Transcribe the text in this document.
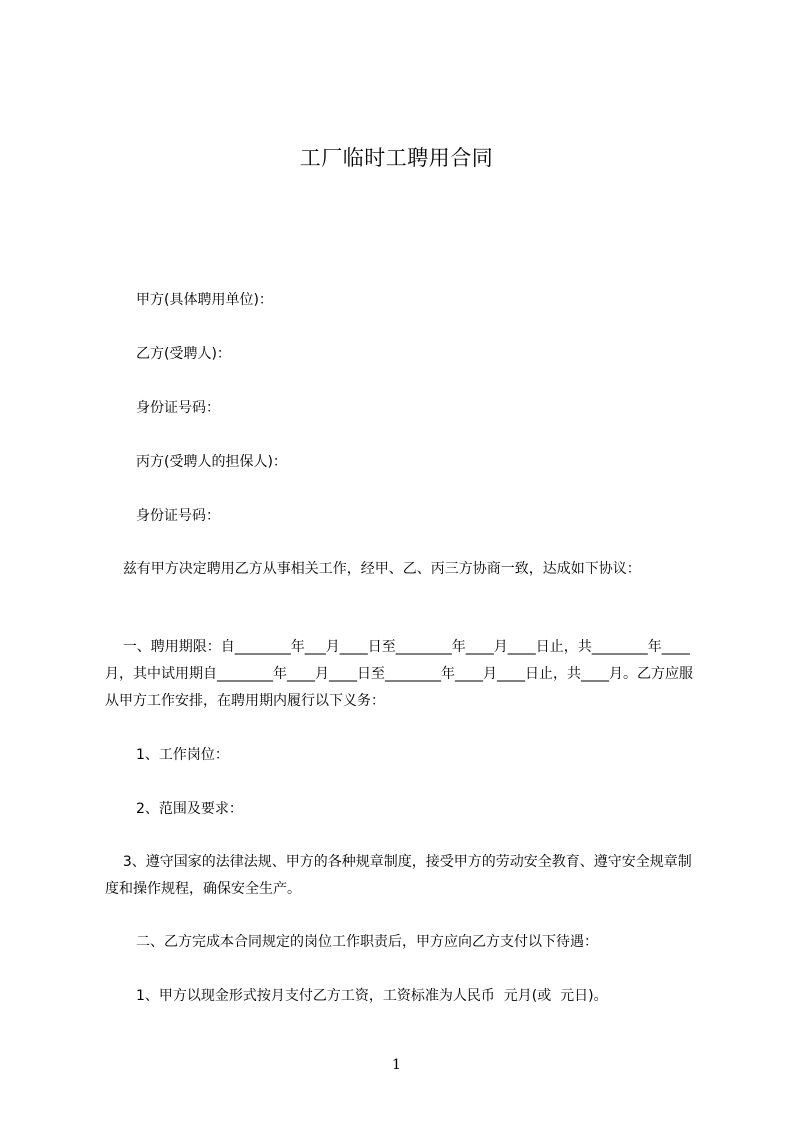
工厂临时工聘用合同
甲方(具体聘用单位)：
乙方(受聘人)：
身份证号码：
丙方(受聘人的担保人)：
身份证号码：
兹有甲方决定聘用乙方从事相关工作，经甲、乙、丙三方协商一致，达成如下协议：
一、聘用期限：自________年___月____日至________年____月____日止，共________年____月，其中试用期自________年____月____日至________年____月____日止，共____月。乙方应服从甲方工作安排，在聘用期内履行以下义务：
1、工作岗位：
2、范围及要求：
3、遵守国家的法律法规、甲方的各种规章制度，接受甲方的劳动安全教育、遵守安全规章制度和操作规程，确保安全生产。
二、乙方完成本合同规定的岗位工作职责后，甲方应向乙方支付以下待遇：
1、甲方以现金形式按月支付乙方工资，工资标准为人民币  元月(或  元日)。
1
